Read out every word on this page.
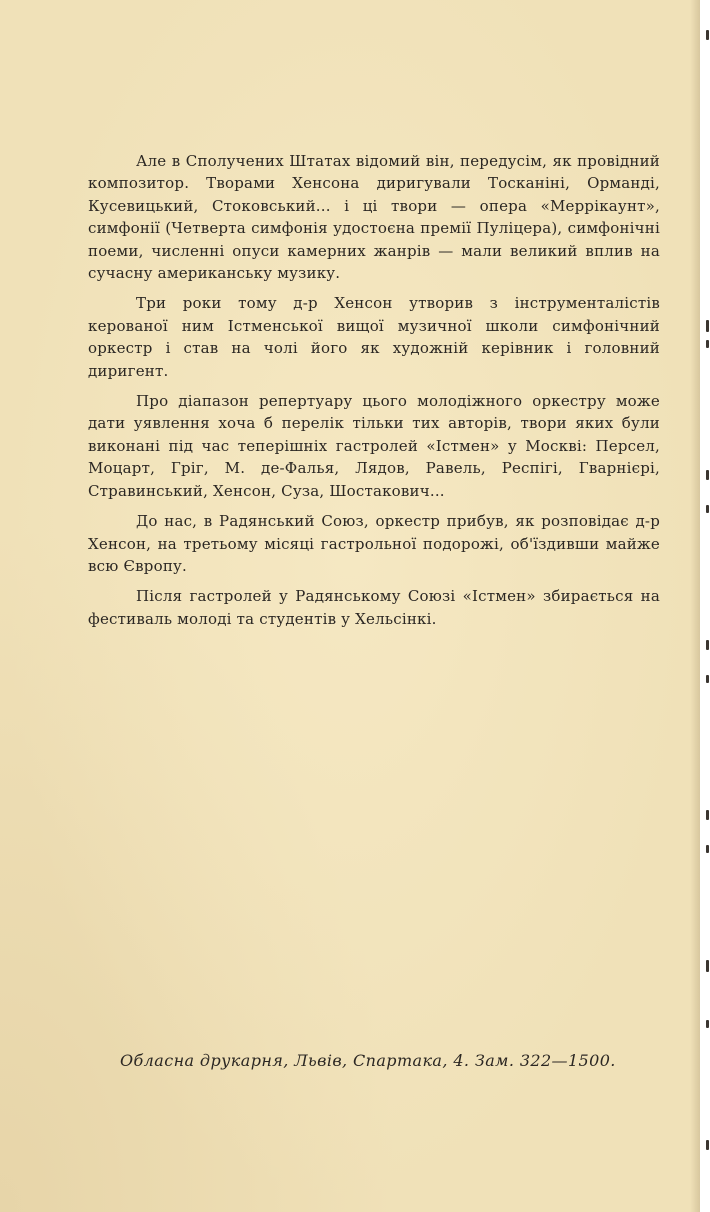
Але в Сполучених Штатах відомий він, передусім, як провідний композитор. Творами Хенсона диригували Тосканіні, Орманді, Кусевицький, Стоковський... і ці твори — опера «Меррікаунт», симфонії (Четверта симфонія удостоєна премії Пуліцера), симфонічні поеми, численні опуси камерних жанрів — мали великий вплив на сучасну американську музику.

Три роки тому д-р Хенсон утворив з інструменталістів керованої ним Істменської вищої музичної школи симфонічний оркестр і став на чолі його як художній керівник і головний диригент.

Про діапазон репертуару цього молодіжного оркестру може дати уявлення хоча б перелік тільки тих авторів, твори яких були виконані під час теперішніх гастролей «Істмен» у Москві: Персел, Моцарт, Гріг, М. де-Фалья, Лядов, Равель, Респігі, Гварнієрі, Стравинський, Хенсон, Суза, Шостакович...

До нас, в Радянський Союз, оркестр прибув, як розповідає д-р Хенсон, на третьому місяці гастрольної подорожі, об'їздивши майже всю Європу.

Після гастролей у Радянському Союзі «Істмен» збирається на фестиваль молоді та студентів у Хельсінкі.

Обласна друкарня, Львів, Спартака, 4. Зам. 322—1500.
